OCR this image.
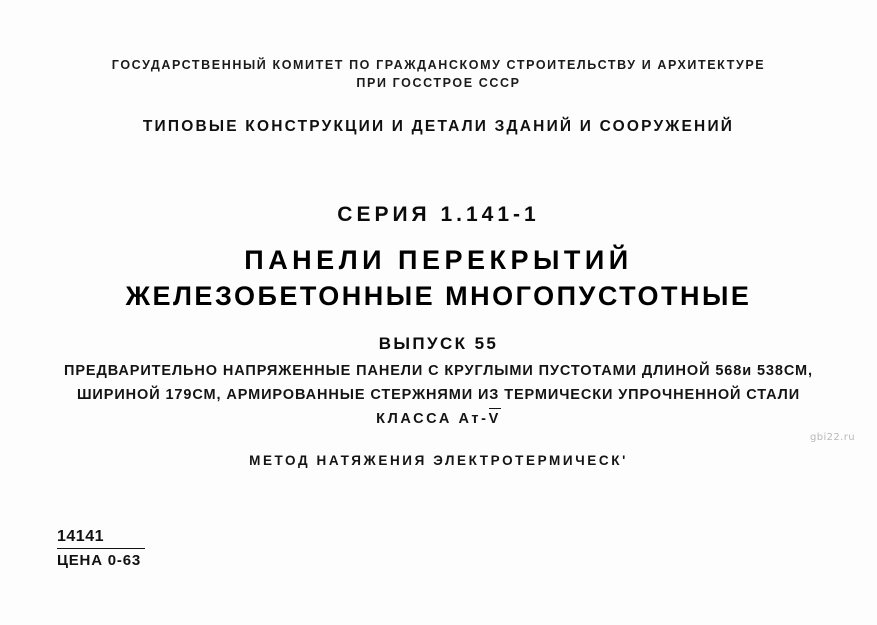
ГОСУДАРСТВЕННЫЙ КОМИТЕТ ПО ГРАЖДАНСКОМУ СТРОИТЕЛЬСТВУ И АРХИТЕКТУРЕ
ПРИ ГОССТРОЕ СССР
ТИПОВЫЕ КОНСТРУКЦИИ И ДЕТАЛИ ЗДАНИЙ И СООРУЖЕНИЙ
СЕРИЯ 1.141-1
ПАНЕЛИ ПЕРЕКРЫТИЙ
ЖЕЛЕЗОБЕТОННЫЕ МНОГОПУСТОТНЫЕ
ВЫПУСК 55
ПРЕДВАРИТЕЛЬНО НАПРЯЖЕННЫЕ ПАНЕЛИ С КРУГЛЫМИ ПУСТОТАМИ ДЛИНОЙ 568и 538СМ,
ШИРИНОЙ 179СМ, АРМИРОВАННЫЕ СТЕРЖНЯМИ ИЗ ТЕРМИЧЕСКИ УПРОЧНЕННОЙ СТАЛИ
КЛАССА Ат-
V
МЕТОД НАТЯЖЕНИЯ ЭЛЕКТРОТЕРМИЧЕСК'
14141
ЦЕНА 0-63
gbi22.ru
